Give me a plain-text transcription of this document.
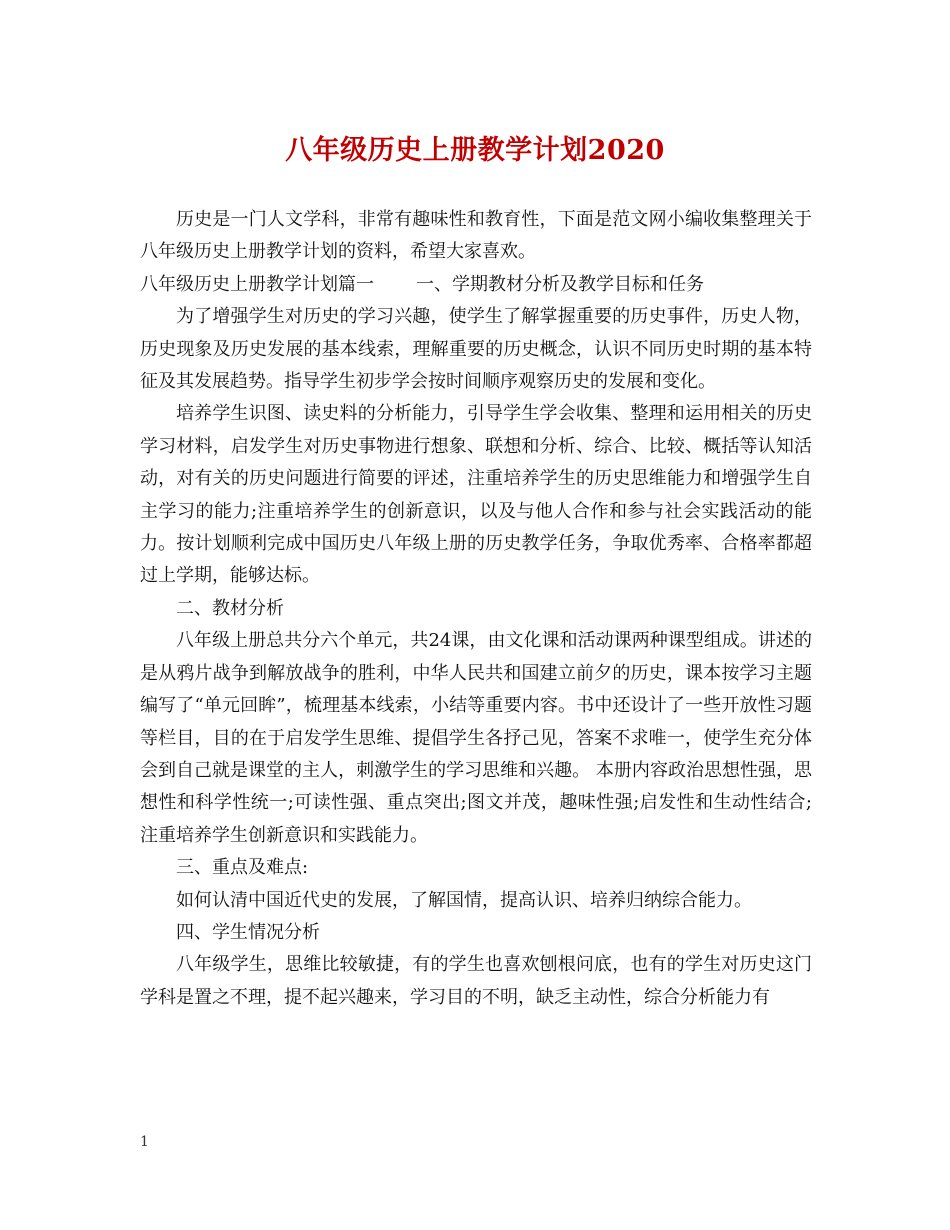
八年级历史上册教学计划2020

历史是一门人文学科，非常有趣味性和教育性，下面是范文网小编收集整理关于八年级历史上册教学计划的资料，希望大家喜欢。

八年级历史上册教学计划篇一 一、学期教材分析及教学目标和任务

为了增强学生对历史的学习兴趣，使学生了解掌握重要的历史事件，历史人物，历史现象及历史发展的基本线索，理解重要的历史概念，认识不同历史时期的基本特征及其发展趋势。指导学生初步学会按时间顺序观察历史的发展和变化。

培养学生识图、读史料的分析能力，引导学生学会收集、整理和运用相关的历史学习材料，启发学生对历史事物进行想象、联想和分析、综合、比较、概括等认知活动，对有关的历史问题进行简要的评述，注重培养学生的历史思维能力和增强学生自主学习的能力;注重培养学生的创新意识，以及与他人合作和参与社会实践活动的能力。按计划顺利完成中国历史八年级上册的历史教学任务，争取优秀率、合格率都超过上学期，能够达标。

二、教材分析

八年级上册总共分六个单元，共24课，由文化课和活动课两种课型组成。讲述的是从鸦片战争到解放战争的胜利，中华人民共和国建立前夕的历史，课本按学习主题编写了“单元回眸”，梳理基本线索，小结等重要内容。书中还设计了一些开放性习题等栏目，目的在于启发学生思维、提倡学生各抒己见，答案不求唯一，使学生充分体会到自己就是课堂的主人，刺激学生的学习思维和兴趣。 本册内容政治思想性强，思想性和科学性统一;可读性强、重点突出;图文并茂，趣味性强;启发性和生动性结合;注重培养学生创新意识和实践能力。

三、重点及难点:

如何认清中国近代史的发展，了解国情，提高认识、培养归纳综合能力。

四、学生情况分析

八年级学生，思维比较敏捷，有的学生也喜欢刨根问底，也有的学生对历史这门学科是置之不理，提不起兴趣来，学习目的不明，缺乏主动性，综合分析能力有

1
